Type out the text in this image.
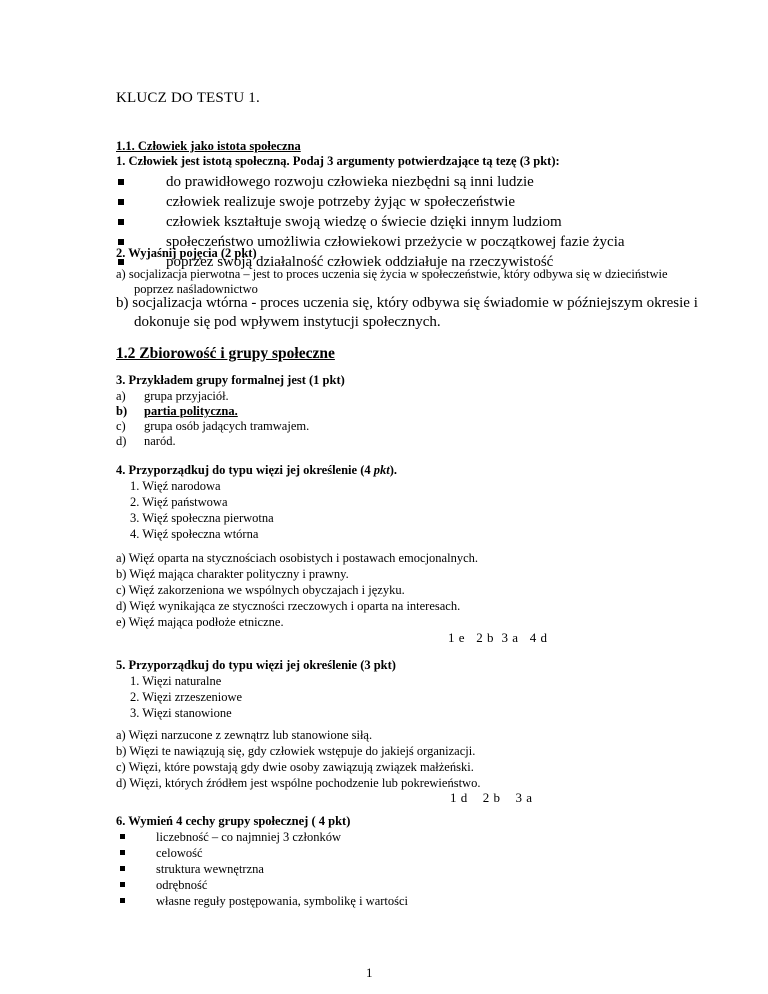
KLUCZ DO TESTU 1.
1.1. Człowiek jako istota społeczna
1. Człowiek jest istotą społeczną. Podaj 3 argumenty potwierdzające tą tezę (3 pkt):
do prawidłowego rozwoju człowieka niezbędni są inni ludzie
człowiek realizuje swoje potrzeby żyjąc w społeczeństwie
człowiek kształtuje swoją wiedzę o świecie dzięki innym ludziom
społeczeństwo umożliwia człowiekowi przeżycie w początkowej fazie życia
poprzez swoją działalność człowiek oddziałuje na rzeczywistość
2. Wyjaśnij pojęcia (2 pkt)
a) socjalizacja pierwotna – jest to proces uczenia się życia w społeczeństwie, który odbywa się w dzieciństwie poprzez naśladownictwo
b) socjalizacja wtórna - proces uczenia się, który odbywa się świadomie w późniejszym okresie i dokonuje się pod wpływem instytucji społecznych.
1.2 Zbiorowość i grupy społeczne
3. Przykładem grupy formalnej jest (1 pkt)
a) grupa przyjaciół.
b) partia polityczna.
c) grupa osób jadących tramwajem.
d) naród.
4. Przyporządkuj do typu więzi jej określenie (4 pkt).
1. Więź narodowa
2. Więź państwowa
3. Więź społeczna pierwotna
4. Więź społeczna wtórna
a) Więź oparta na stycznościach osobistych i postawach emocjonalnych.
b) Więź mająca charakter polityczny i prawny.
c) Więź zakorzeniona we wspólnych obyczajach i języku.
d) Więź wynikająca ze styczności rzeczowych i oparta na interesach.
e) Więź mająca podłoże etniczne.
1 e   2 b  3 a   4 d
5. Przyporządkuj do typu więzi jej określenie (3 pkt)
1. Więzi naturalne
2. Więzi zrzeszeniowe
3. Więzi stanowione
a) Więzi narzucone z zewnątrz lub stanowione siłą.
b) Więzi te nawiązują się, gdy człowiek wstępuje do jakiejś organizacji.
c) Więzi, które powstają gdy dwie osoby zawiązują związek małżeński.
d) Więzi, których źródłem jest wspólne pochodzenie lub pokrewieństwo.
1 d    2 b    3 a
6. Wymień 4 cechy grupy społecznej ( 4 pkt)
liczebność – co najmniej 3 członków
celowość
struktura wewnętrzna
odrębność
własne reguły postępowania, symbolikę i wartości
1
